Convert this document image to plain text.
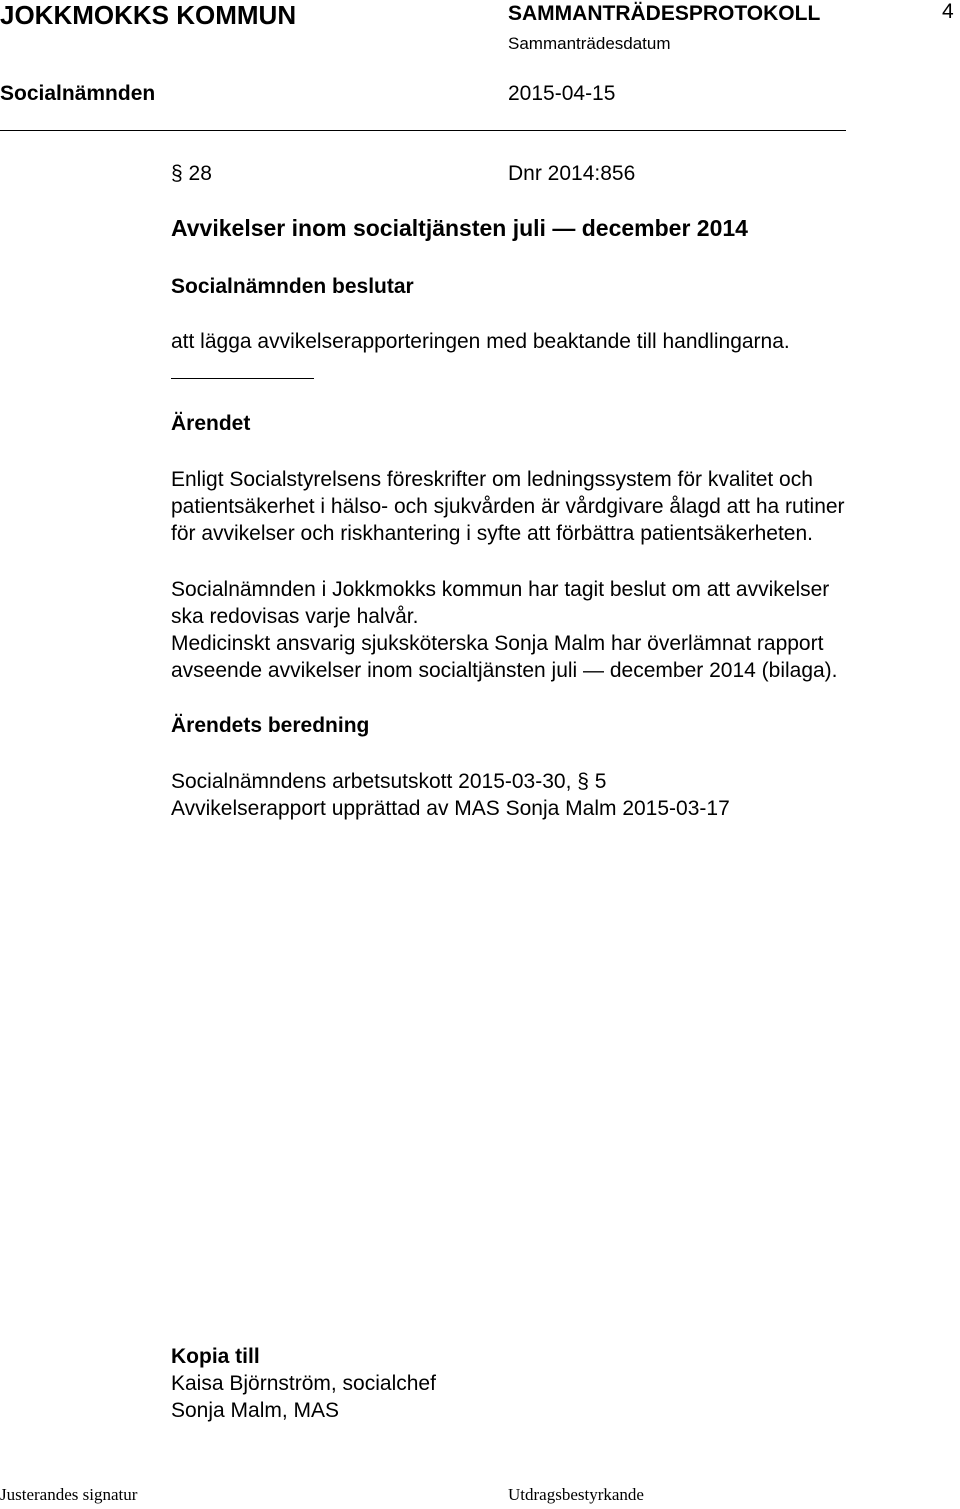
JOKKMOKKS KOMMUN	SAMMANTRÄDESPROTOKOLL	4
Sammanträdesdatum
Socialnämnden	2015-04-15
§ 28	Dnr 2014:856
Avvikelser inom socialtjänsten juli — december 2014
Socialnämnden beslutar
att lägga avvikelserapporteringen med beaktande till handlingarna.
Ärendet
Enligt Socialstyrelsens föreskrifter om ledningssystem för kvalitet och
patientsäkerhet i hälso- och sjukvården är vårdgivare ålagd att ha rutiner
för avvikelser och riskhantering i syfte att förbättra patientsäkerheten.
Socialnämnden i Jokkmokks kommun har tagit beslut om att avvikelser
ska redovisas varje halvår.
Medicinskt ansvarig sjuksköterska Sonja Malm har överlämnat rapport
avseende avvikelser inom socialtjänsten juli — december 2014 (bilaga).
Ärendets beredning
Socialnämndens arbetsutskott 2015-03-30, § 5
Avvikelserapport upprättad av MAS Sonja Malm 2015-03-17
Kopia till
Kaisa Björnström, socialchef
Sonja Malm, MAS
Justerandes signatur	Utdragsbestyrkande
